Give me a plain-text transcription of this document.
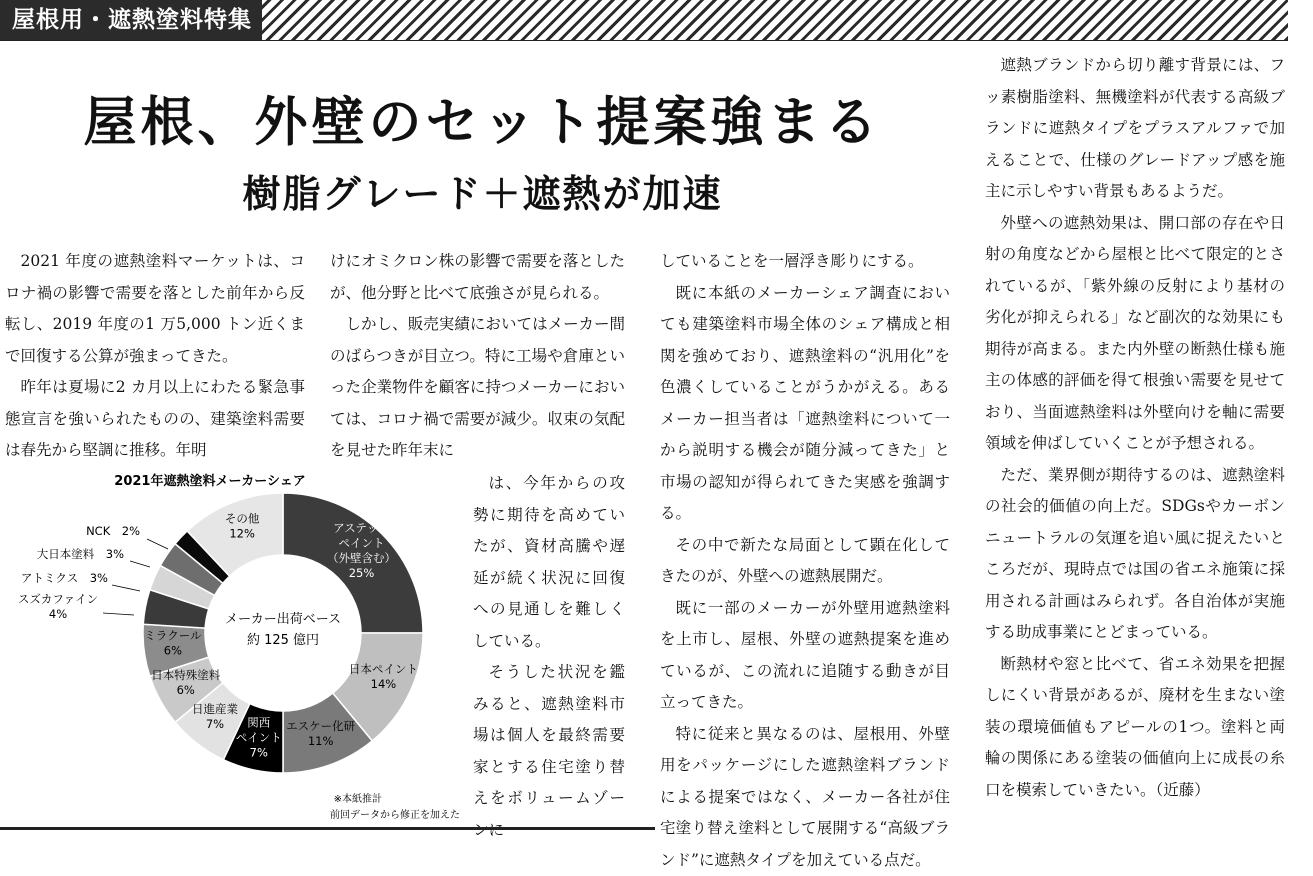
屋根用・遮熱塗料特集
屋根、外壁のセット提案強まる
樹脂グレード＋遮熱が加速

2021 年度の遮熱塗料マーケットは、コロナ禍の影響で需要を落とした前年から反転し、2019 年度の1 万5,000 トン近くまで回復する公算が強まってきた。

昨年は夏場に2 カ月以上にわたる緊急事態宣言を強いられたものの、建築塗料需要は春先から堅調に推移。年明

けにオミクロン株の影響で需要を落としたが、他分野と比べて底強さが見られる。

しかし、販売実績においてはメーカー間のばらつきが目立つ。特に工場や倉庫といった企業物件を顧客に持つメーカーにおいては、コロナ禍で需要が減少。収束の気配を見せた昨年末に

は、今年からの攻勢に期待を高めていたが、資材高騰や遅延が続く状況に回復への見通しを難しくしている。

そうした状況を鑑みると、遮熱塗料市場は個人を最終需要家とする住宅塗り替えをボリュームゾー

していることを一層浮き彫りにする。

既に本紙のメーカーシェア調査においても建築塗料市場全体のシェア構成と相関を強めており、遮熱塗料の“汎用化”を色濃くしていることがうかがえる。あるメーカー担当者は「遮熱塗料について一から説明する機会が随分減ってきた」と市場の認知が得られてきた実感を強調する。

その中で新たな局面として顕在化してきたのが、外壁への遮熱展開だ。

既に一部のメーカーが外壁用遮熱塗料を上市し、屋根、外壁の遮熱提案を進めているが、この流れに追随する動きが目立ってきた。

特に従来と異なるのは、屋根用、外壁用をパッケージにした遮熱塗料ブランドによる提案ではなく、メーカー各社が住宅塗り替え塗料として展開する“高級ブランド”に遮熱タイプを加えている点だ。

遮熱ブランドから切り離す背景には、フッ素樹脂塗料、無機塗料が代表する高級ブランドに遮熱タイプをプラスアルファで加えることで、仕様のグレードアップ感を施主に示しやすい背景もあるようだ。

外壁への遮熱効果は、開口部の存在や日射の角度などから屋根と比べて限定的とされているが、「紫外線の反射により基材の劣化が抑えられる」など副次的な効果にも期待が高まる。また内外壁の断熱仕様も施主の体感的評価を得て根強い需要を見せており、当面遮熱塗料は外壁向けを軸に需要領域を伸ばしていくことが予想される。

ただ、業界側が期待するのは、遮熱塗料の社会的価値の向上だ。SDGsやカーボンニュートラルの気運を追い風に捉えたいところだが、現時点では国の省エネ施策に採用される計画はみられず。各自治体が実施する助成事業にとどまっている。

断熱材や窓と比べて、省エネ効果を把握しにくい背景があるが、廃材を生まない塗装の環境価値もアピールの1つ。塗料と両輪の関係にある塗装の価値向上に成長の糸口を模索していきたい。（近藤）

2021年遮熱塗料メーカーシェア
アステックペイント（外壁含む） 25%
日本ペイント 14%
エスケー化研 11%
関西ペイント 7%
日進産業 7%
日本特殊塗料 6%
ミラクール 6%
スズカファイン 4%
アトミクス　3%
大日本塗料　3%
NCK　2%
その他 12%
メーカー出荷ベース
約 125 億円
※本紙推計
前回データから修正を加えた
